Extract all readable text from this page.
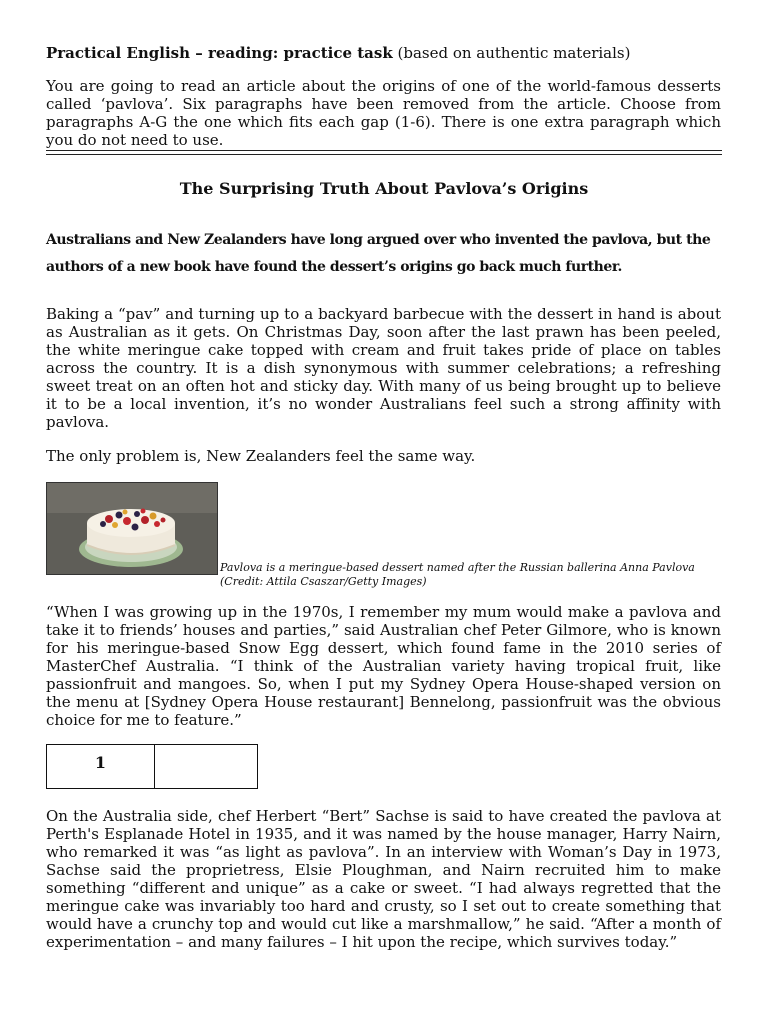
Practical English – reading: practice task (based on authentic materials)
You are going to read an article about the origins of one of the world-famous desserts called ‘pavlova’. Six paragraphs have been removed from the article. Choose from paragraphs A-G the one which fits each gap (1-6). There is one extra paragraph which you do not need to use.
The Surprising Truth About Pavlova’s Origins
Australians and New Zealanders have long argued over who invented the pavlova, but the authors of a new book have found the dessert’s origins go back much further.
Baking a “pav” and turning up to a backyard barbecue with the dessert in hand is about as Australian as it gets. On Christmas Day, soon after the last prawn has been peeled, the white meringue cake topped with cream and fruit takes pride of place on tables across the country. It is a dish synonymous with summer celebrations; a refreshing sweet treat on an often hot and sticky day. With many of us being brought up to believe it to be a local invention, it’s no wonder Australians feel such a strong affinity with pavlova.
The only problem is, New Zealanders feel the same way.
Pavlova is a meringue-based dessert named after the Russian ballerina Anna Pavlova
(Credit: Attila Csaszar/Getty Images)
“When I was growing up in the 1970s, I remember my mum would make a pavlova and take it to friends’ houses and parties,” said Australian chef Peter Gilmore, who is known for his meringue-based Snow Egg dessert, which found fame in the 2010 series of MasterChef Australia. “I think of the Australian variety having tropical fruit, like passionfruit and mangoes. So, when I put my Sydney Opera House-shaped version on the menu at [Sydney Opera House restaurant] Bennelong, passionfruit was the obvious choice for me to feature.”
1
On the Australia side, chef Herbert “Bert” Sachse is said to have created the pavlova at Perth's Esplanade Hotel in 1935, and it was named by the house manager, Harry Nairn, who remarked it was “as light as pavlova”. In an interview with Woman’s Day in 1973, Sachse said the proprietress, Elsie Ploughman, and Nairn recruited him to make something “different and unique” as a cake or sweet. “I had always regretted that the meringue cake was invariably too hard and crusty, so I set out to create something that would have a crunchy top and would cut like a marshmallow,” he said. “After a month of experimentation – and many failures – I hit upon the recipe, which survives today.”
